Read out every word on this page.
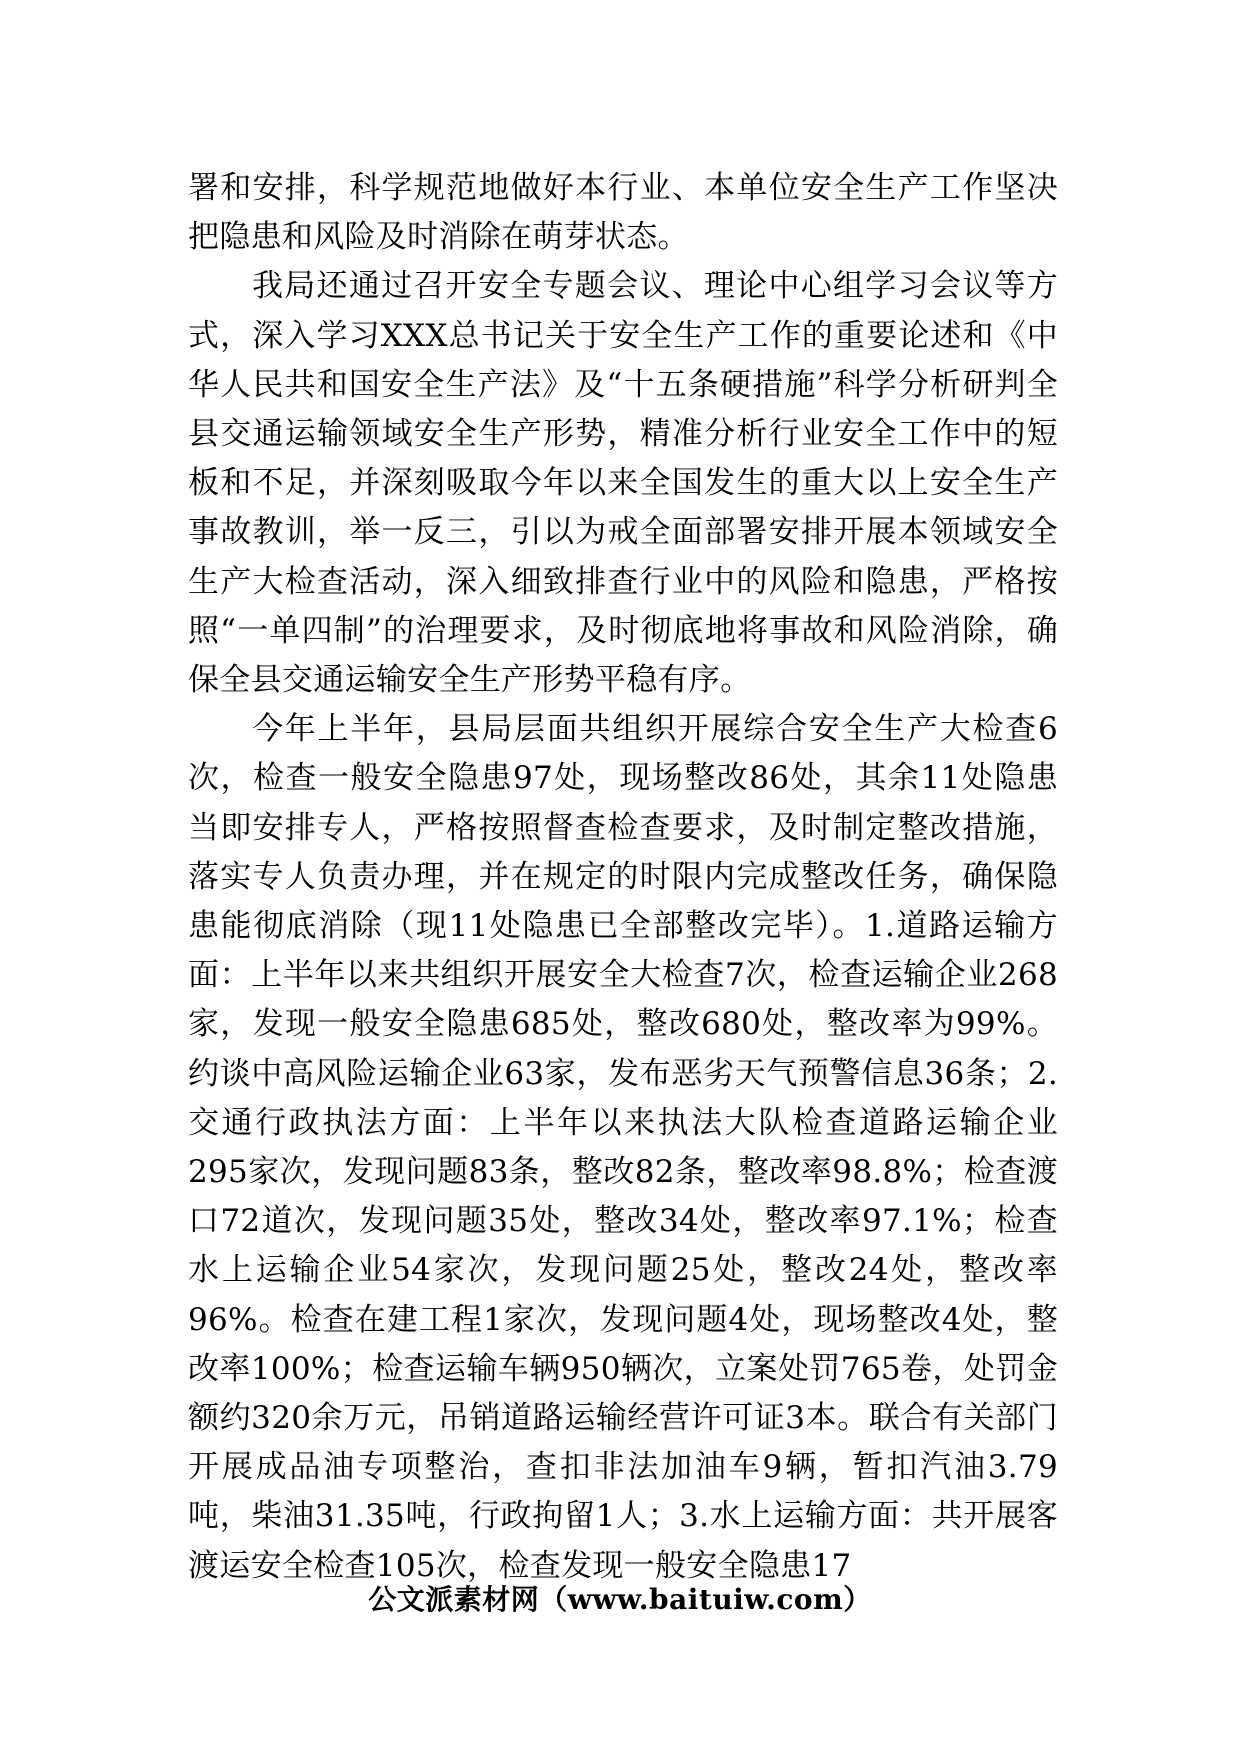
署和安排，科学规范地做好本行业、本单位安全生产工作坚决把隐患和风险及时消除在萌芽状态。

我局还通过召开安全专题会议、理论中心组学习会议等方式，深入学习XXX总书记关于安全生产工作的重要论述和《中华人民共和国安全生产法》及“十五条硬措施”科学分析研判全县交通运输领域安全生产形势，精准分析行业安全工作中的短板和不足，并深刻吸取今年以来全国发生的重大以上安全生产事故教训，举一反三，引以为戒全面部署安排开展本领域安全生产大检查活动，深入细致排查行业中的风险和隐患，严格按照“一单四制”的治理要求，及时彻底地将事故和风险消除，确保全县交通运输安全生产形势平稳有序。

今年上半年，县局层面共组织开展综合安全生产大检查6次，检查一般安全隐患97处，现场整改86处，其余11处隐患当即安排专人，严格按照督查检查要求，及时制定整改措施，落实专人负责办理，并在规定的时限内完成整改任务，确保隐患能彻底消除（现11处隐患已全部整改完毕）。1.道路运输方面：上半年以来共组织开展安全大检查7次，检查运输企业268家，发现一般安全隐患685处，整改680处，整改率为99%。约谈中高风险运输企业63家，发布恶劣天气预警信息36条；2.交通行政执法方面：上半年以来执法大队检查道路运输企业295家次，发现问题83条，整改82条，整改率98.8%；检查渡口72道次，发现问题35处，整改34处，整改率97.1%；检查水上运输企业54家次，发现问题25处，整改24处，整改率96%。检查在建工程1家次，发现问题4处，现场整改4处，整改率100%；检查运输车辆950辆次，立案处罚765卷，处罚金额约320余万元，吊销道路运输经营许可证3本。联合有关部门开展成品油专项整治，查扣非法加油车9辆，暂扣汽油3.79吨，柴油31.35吨，行政拘留1人；3.水上运输方面：共开展客渡运安全检查105次，检查发现一般安全隐患17

公文派素材网（www.baituiw.com）
